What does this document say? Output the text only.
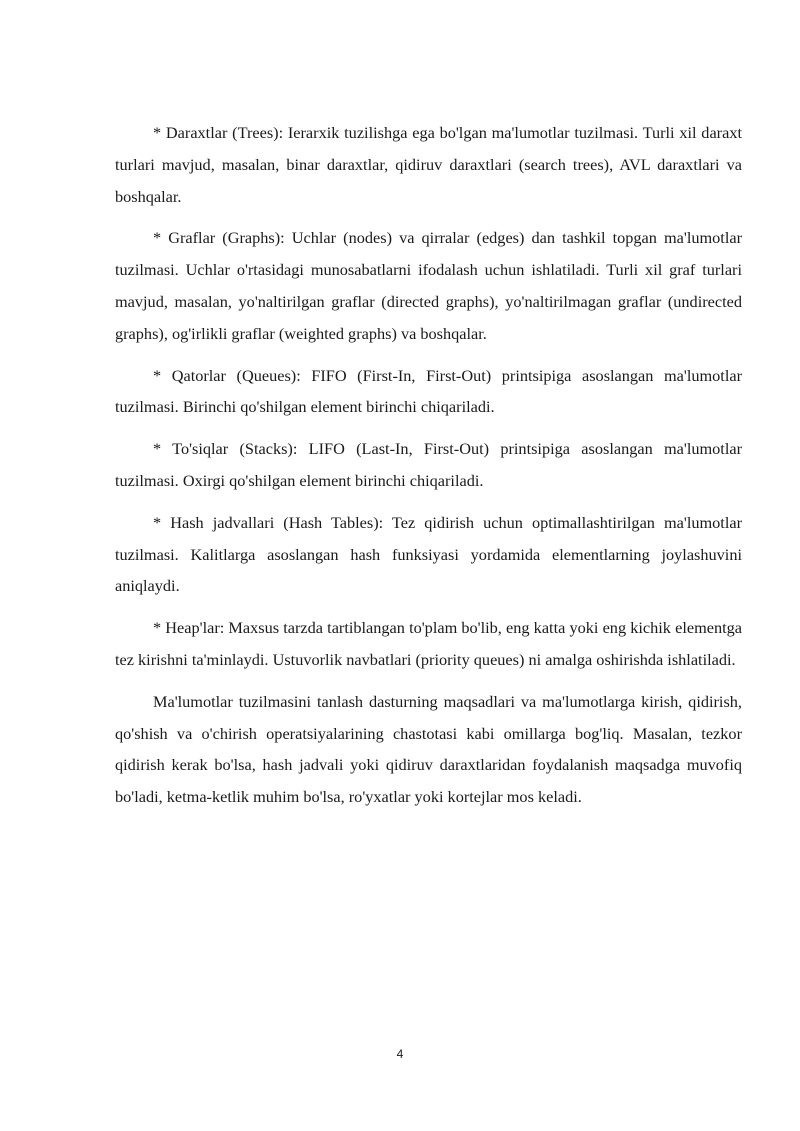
* Daraxtlar (Trees): Ierarxik tuzilishga ega bo'lgan ma'lumotlar tuzilmasi. Turli xil daraxt turlari mavjud, masalan, binar daraxtlar, qidiruv daraxtlari (search trees), AVL daraxtlari va boshqalar.

* Graflar (Graphs): Uchlar (nodes) va qirralar (edges) dan tashkil topgan ma'lumotlar tuzilmasi. Uchlar o'rtasidagi munosabatlarni ifodalash uchun ishlatiladi. Turli xil graf turlari mavjud, masalan, yo'naltirilgan graflar (directed graphs), yo'naltirilmagan graflar (undirected graphs), og'irlikli graflar (weighted graphs) va boshqalar.

* Qatorlar (Queues): FIFO (First-In, First-Out) printsipiga asoslangan ma'lumotlar tuzilmasi. Birinchi qo'shilgan element birinchi chiqariladi.

* To'siqlar (Stacks): LIFO (Last-In, First-Out) printsipiga asoslangan ma'lumotlar tuzilmasi. Oxirgi qo'shilgan element birinchi chiqariladi.

* Hash jadvallari (Hash Tables): Tez qidirish uchun optimallashtirilgan ma'lumotlar tuzilmasi. Kalitlarga asoslangan hash funksiyasi yordamida elementlarning joylashuvini aniqlaydi.

* Heap'lar: Maxsus tarzda tartiblangan to'plam bo'lib, eng katta yoki eng kichik elementga tez kirishni ta'minlaydi. Ustuvorlik navbatlari (priority queues) ni amalga oshirishda ishlatiladi.

Ma'lumotlar tuzilmasini tanlash dasturning maqsadlari va ma'lumotlarga kirish, qidirish, qo'shish va o'chirish operatsiyalarining chastotasi kabi omillarga bog'liq. Masalan, tezkor qidirish kerak bo'lsa, hash jadvali yoki qidiruv daraxtlaridan foydalanish maqsadga muvofiq bo'ladi, ketma-ketlik muhim bo'lsa, ro'yxatlar yoki kortejlar mos keladi.

4
